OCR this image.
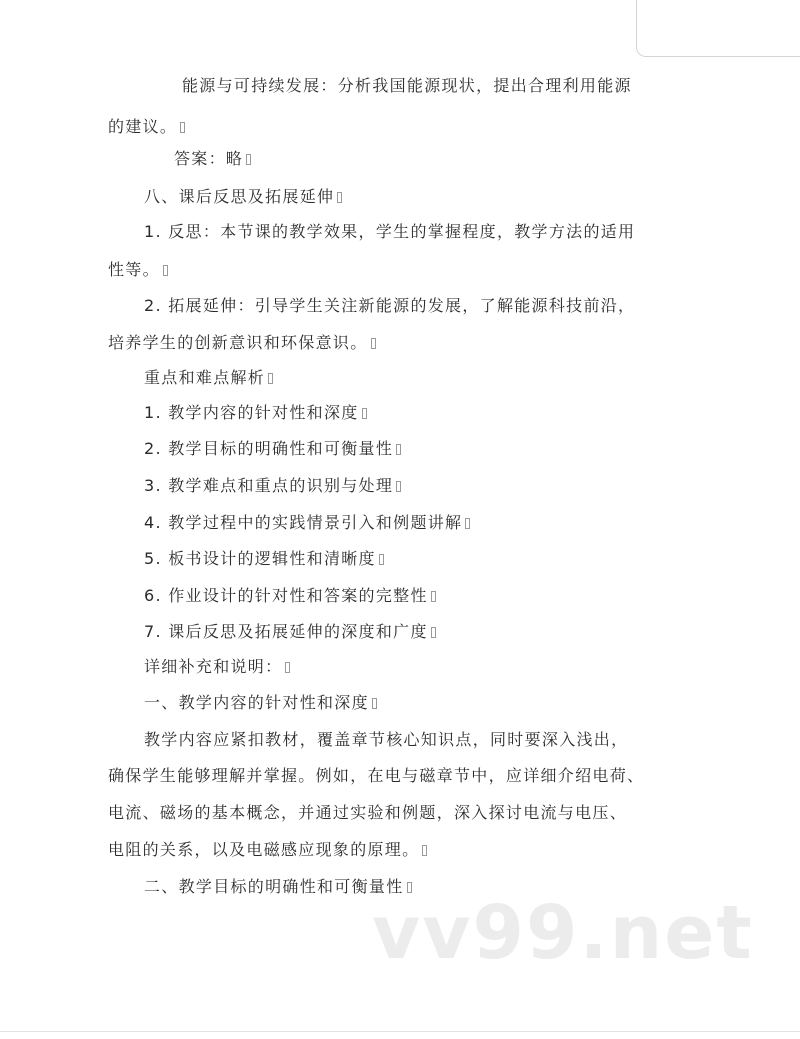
能源与可持续发展：分析我国能源现状，提出合理利用能源
的建议。
答案：略
八、课后反思及拓展延伸
1. 反思：本节课的教学效果，学生的掌握程度，教学方法的适用
性等。
2. 拓展延伸：引导学生关注新能源的发展，了解能源科技前沿，
培养学生的创新意识和环保意识。
重点和难点解析
1. 教学内容的针对性和深度
2. 教学目标的明确性和可衡量性
3. 教学难点和重点的识别与处理
4. 教学过程中的实践情景引入和例题讲解
5. 板书设计的逻辑性和清晰度
6. 作业设计的针对性和答案的完整性
7. 课后反思及拓展延伸的深度和广度
详细补充和说明：
一、教学内容的针对性和深度
教学内容应紧扣教材，覆盖章节核心知识点，同时要深入浅出，
确保学生能够理解并掌握。例如，在电与磁章节中，应详细介绍电荷、
电流、磁场的基本概念，并通过实验和例题，深入探讨电流与电压、
电阻的关系，以及电磁感应现象的原理。
二、教学目标的明确性和可衡量性
vv99.net
